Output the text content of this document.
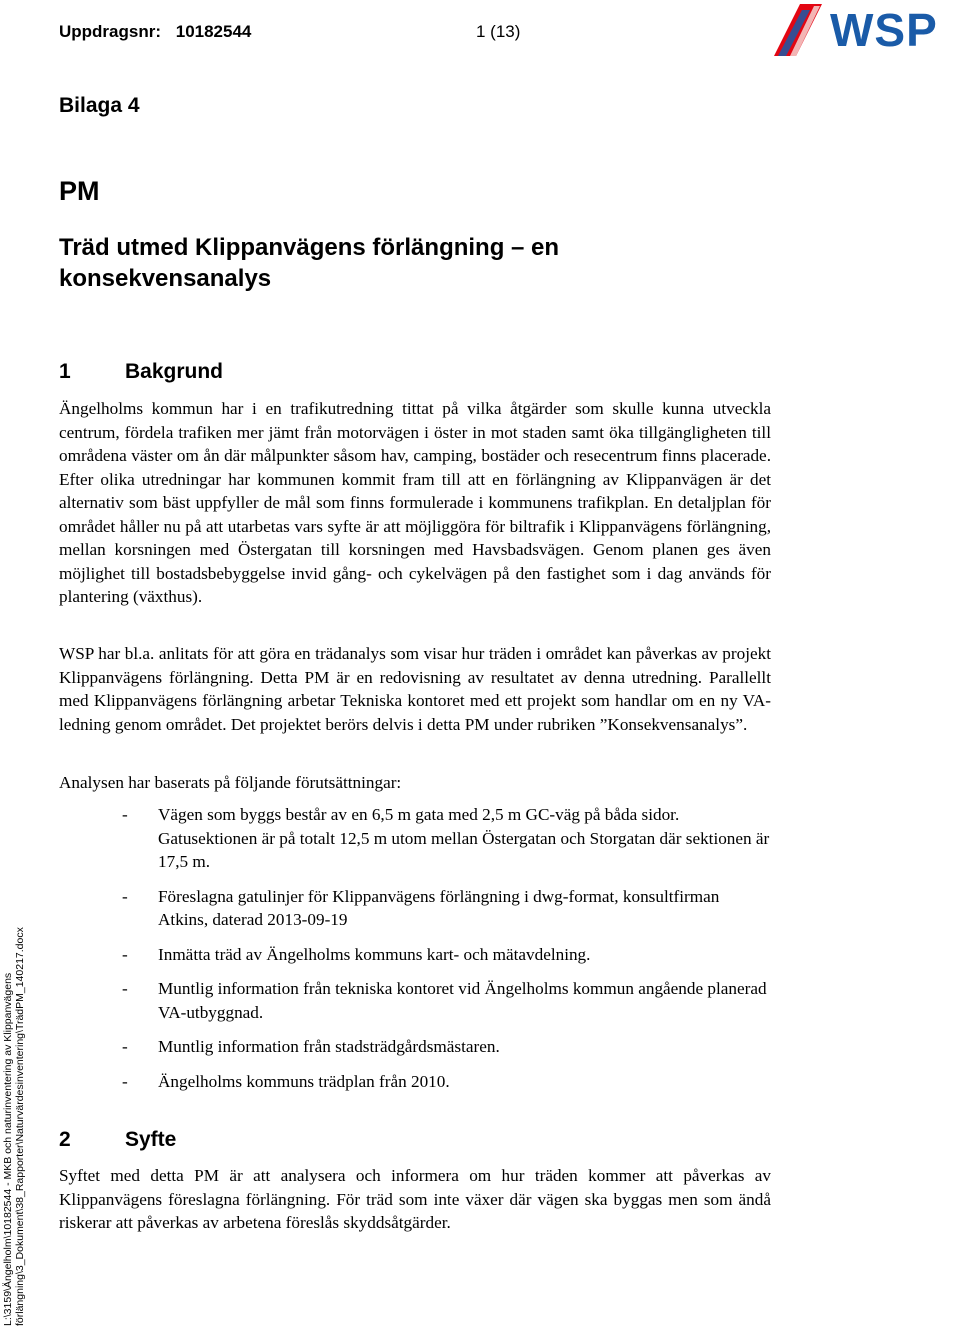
Uppdragsnr: 10182544	1 (13)	WSP
Bilaga 4
PM
Träd utmed Klippanvägens förlängning – en konsekvensanalys
1	Bakgrund

Ängelholms kommun har i en trafikutredning tittat på vilka åtgärder som skulle kunna utveckla centrum, fördela trafiken mer jämt från motorvägen i öster in mot staden samt öka tillgängligheten till områdena väster om ån där målpunkter såsom hav, camping, bostäder och resecentrum finns placerade. Efter olika utredningar har kommunen kommit fram till att en förlängning av Klippanvägen är det alternativ som bäst uppfyller de mål som finns formulerade i kommunens trafikplan. En detaljplan för området håller nu på att utarbetas vars syfte är att möjliggöra för biltrafik i Klippanvägens förlängning, mellan korsningen med Östergatan till korsningen med Havsbadsvägen. Genom planen ges även möjlighet till bostadsbebyggelse invid gång- och cykelvägen på den fastighet som i dag används för plantering (växthus).

WSP har bl.a. anlitats för att göra en trädanalys som visar hur träden i området kan påverkas av projekt Klippanvägens förlängning. Detta PM är en redovisning av resultatet av denna utredning. Parallellt med Klippanvägens förlängning arbetar Tekniska kontoret med ett projekt som handlar om en ny VA-ledning genom området. Det projektet berörs delvis i detta PM under rubriken ”Konsekvensanalys”.

Analysen har baserats på följande förutsättningar:

- Vägen som byggs består av en 6,5 m gata med 2,5 m GC-väg på båda sidor. Gatusektionen är på totalt 12,5 m utom mellan Östergatan och Storgatan där sektionen är 17,5 m.
- Föreslagna gatulinjer för Klippanvägens förlängning i dwg-format, konsultfirman Atkins, daterad 2013-09-19
- Inmätta träd av Ängelholms kommuns kart- och mätavdelning.
- Muntlig information från tekniska kontoret vid Ängelholms kommun angående planerad VA-utbyggnad.
- Muntlig information från stadsträdgårdsmästaren.
- Ängelholms kommuns trädplan från 2010.
2	Syfte

Syftet med detta PM är att analysera och informera om hur träden kommer att påverkas av Klippanvägens föreslagna förlängning. För träd som inte växer där vägen ska byggas men som ändå riskerar att påverkas av arbetena föreslås skyddsåtgärder.

L:\3159\Ängelholm\10182544 - MKB och naturinventering av Klippanvägens förlängning\3_Dokument\38_Rapporter\Naturvärdesinventering\TrädPM_140217.docx
